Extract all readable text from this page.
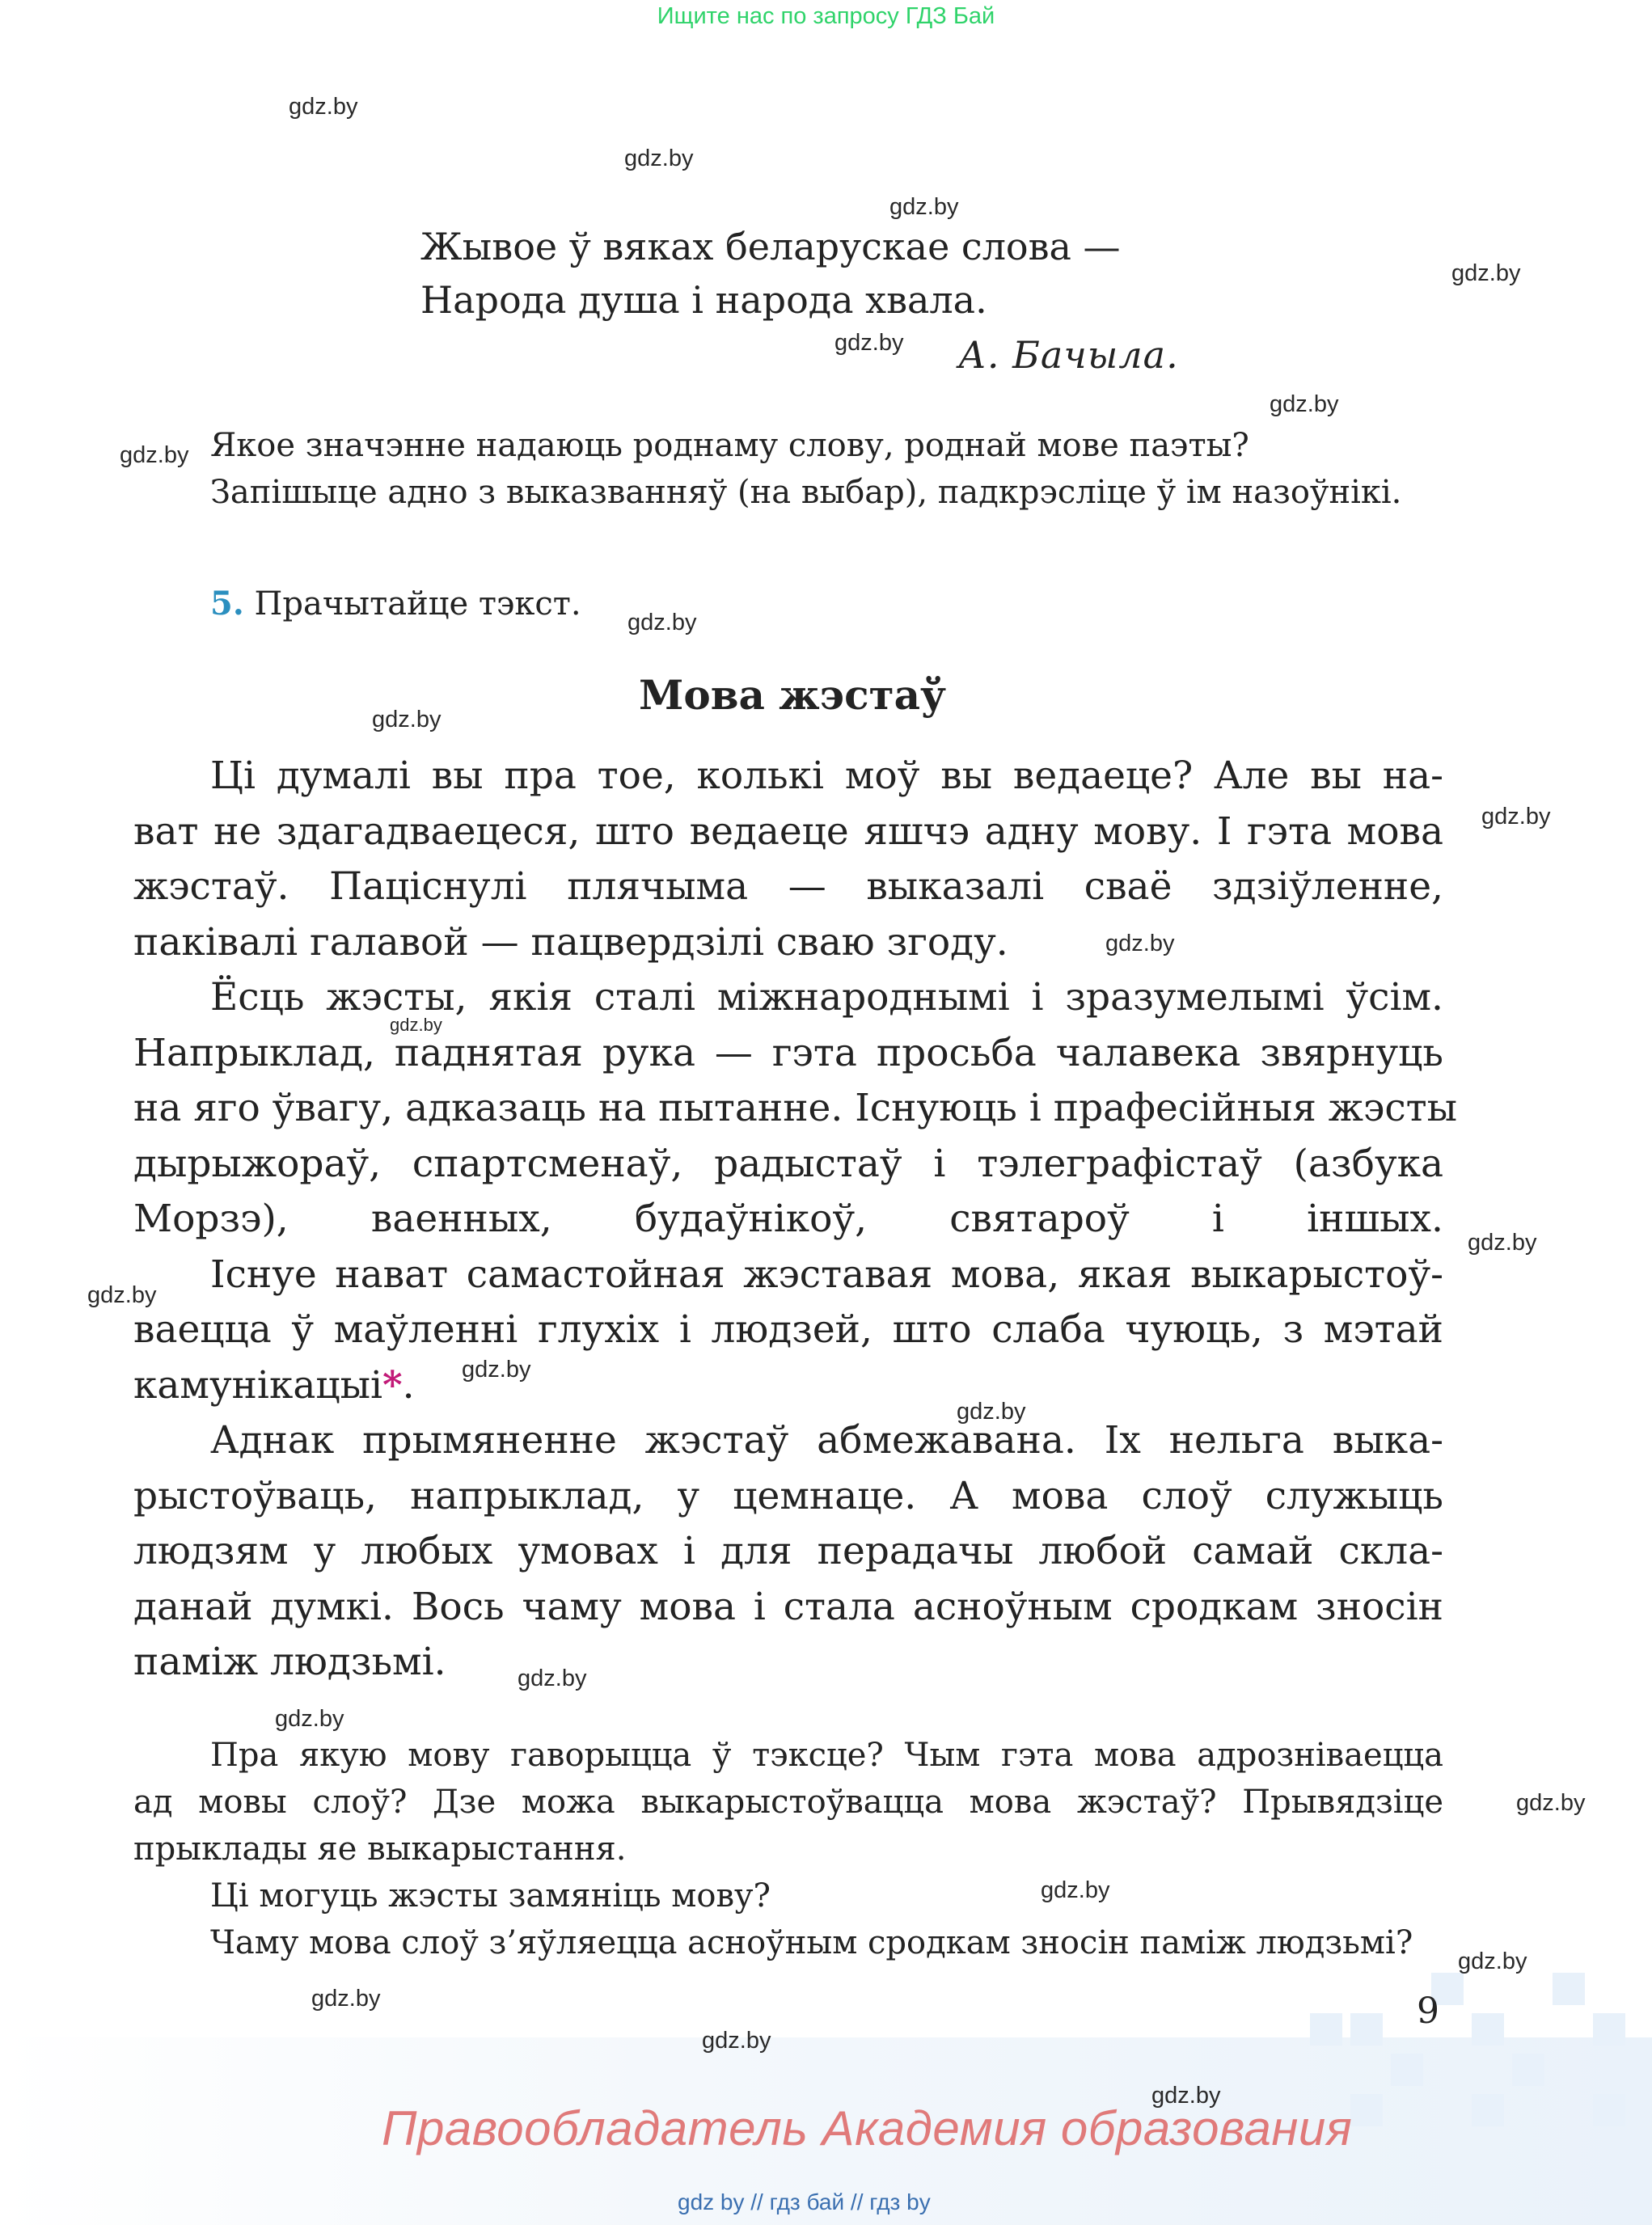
Ищите нас по запросу ГДЗ Бай
gdz.by
gdz.by
gdz.by
gdz.by
gdz.by
gdz.by
gdz.by
gdz.by
gdz.by
gdz.by
gdz.by
gdz.by
gdz.by
gdz.by
gdz.by
gdz.by
gdz.by
gdz.by
gdz.by
gdz.by
gdz.by
gdz.by
gdz.by
gdz.by
Жывое ў вяках беларускае слова —
Народа душа і народа хвала.
А. Бачыла.
Якое значэнне надаюць роднаму слову, роднай мове паэты?
Запішыце адно з выказванняў (на выбар), падкрэсліце ў ім назоўнікі.
5. Прачытайце тэкст.
Мова жэстаў
Ці думалі вы пра тое, колькі моў вы ведаеце? Але вы на-
ват не здагадваецеся, што ведаеце яшчэ адну мову. І гэта мова
жэстаў. Паціснулі плячыма — выказалі сваё здзіўленне,
паківалі галавой — пацвердзілі сваю згоду.
Ёсць жэсты, якія сталі міжнароднымі і зразумелымі ўсім.
Напрыклад, паднятая рука — гэта просьба чалавека звярнуць
на яго ўвагу, адказаць на пытанне. Існуюць і прафесійныя жэсты
дырыжораў, спартсменаў, радыстаў і тэлеграфістаў (азбука
Морзэ), ваенных, будаўнікоў, святароў і іншых.
Існуе нават самастойная жэставая мова, якая выкарыстоў-
ваецца ў маўленні глухіх і людзей, што слаба чуюць, з мэтай
камунікацыі*.
Аднак прымяненне жэстаў абмежавана. Іх нельга выка-
рыстоўваць, напрыклад, у цемнаце. А мова слоў служыць
людзям у любых умовах і для перадачы любой самай скла-
данай думкі. Вось чаму мова і стала асноўным сродкам зносін
паміж людзьмі.
Пра якую мову гаворыцца ў тэксце? Чым гэта мова адрозніваецца
ад мовы слоў? Дзе можа выкарыстоўвацца мова жэстаў? Прывядзіце
прыклады яе выкарыстання.
Ці могуць жэсты замяніць мову?
Чаму мова слоў з’яўляецца асноўным сродкам зносін паміж людзьмі?
9
Правообладатель Академия образования
gdz by // гдз бай // гдз by
